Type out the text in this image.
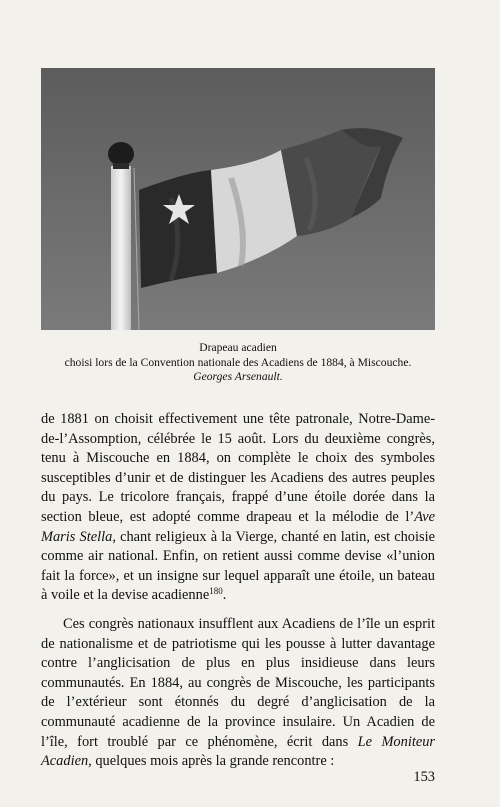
Drapeau acadien
choisi lors de la Convention nationale des Acadiens de 1884, à Miscouche.
Georges Arsenault.

de 1881 on choisit effectivement une tête patronale, Notre-Dame-de-l’Assomption, célébrée le 15 août. Lors du deuxième congrès, tenu à Miscouche en 1884, on complète le choix des symboles susceptibles d’unir et de distinguer les Acadiens des autres peuples du pays. Le tricolore français, frappé d’une étoile dorée dans la section bleue, est adopté comme drapeau et la mélodie de l’Ave Maris Stella, chant religieux à la Vierge, chanté en latin, est choisie comme air national. Enfin, on retient aussi comme devise «l’union fait la force», et un insigne sur lequel apparaît une étoile, un bateau à voile et la devise acadienne$^{180}$.

Ces congrès nationaux insufflent aux Acadiens de l’île un esprit de nationalisme et de patriotisme qui les pousse à lutter davantage contre l’anglicisation de plus en plus insidieuse dans leurs communautés. En 1884, au congrès de Miscouche, les participants de l’extérieur sont étonnés du degré d’anglicisation de la communauté acadienne de la province insulaire. Un Acadien de l’île, fort troublé par ce phénomène, écrit dans Le Moniteur Acadien, quelques mois après la grande rencontre :

153
